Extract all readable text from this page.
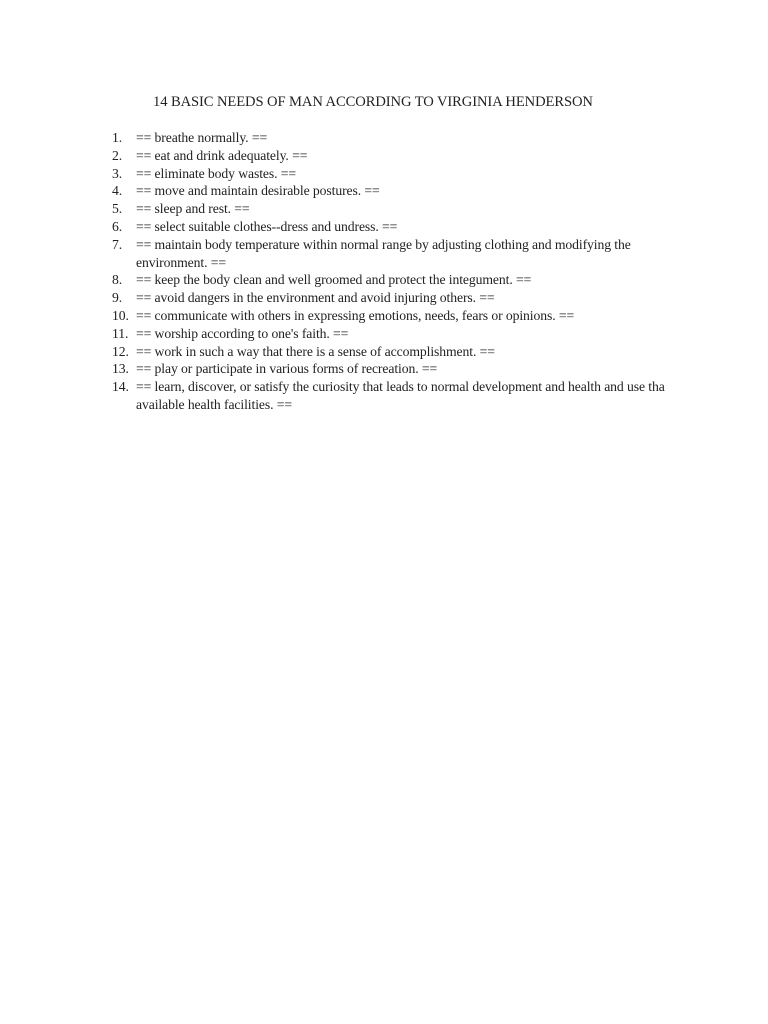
14 BASIC NEEDS OF MAN ACCORDING TO VIRGINIA HENDERSON
1. == breathe normally. ==
2. == eat and drink adequately. ==
3. == eliminate body wastes. ==
4. == move and maintain desirable postures. ==
5. == sleep and rest. ==
6. == select suitable clothes--dress and undress. ==
7. == maintain body temperature within normal range by adjusting clothing and modifying the environment. ==
8. == keep the body clean and well groomed and protect the integument. ==
9. == avoid dangers in the environment and avoid injuring others. ==
10. == communicate with others in expressing emotions, needs, fears or opinions. ==
11. == worship according to one's faith. ==
12. == work in such a way that there is a sense of accomplishment. ==
13. == play or participate in various forms of recreation. ==
14. == learn, discover, or satisfy the curiosity that leads to normal development and health and use tha available health facilities. ==
